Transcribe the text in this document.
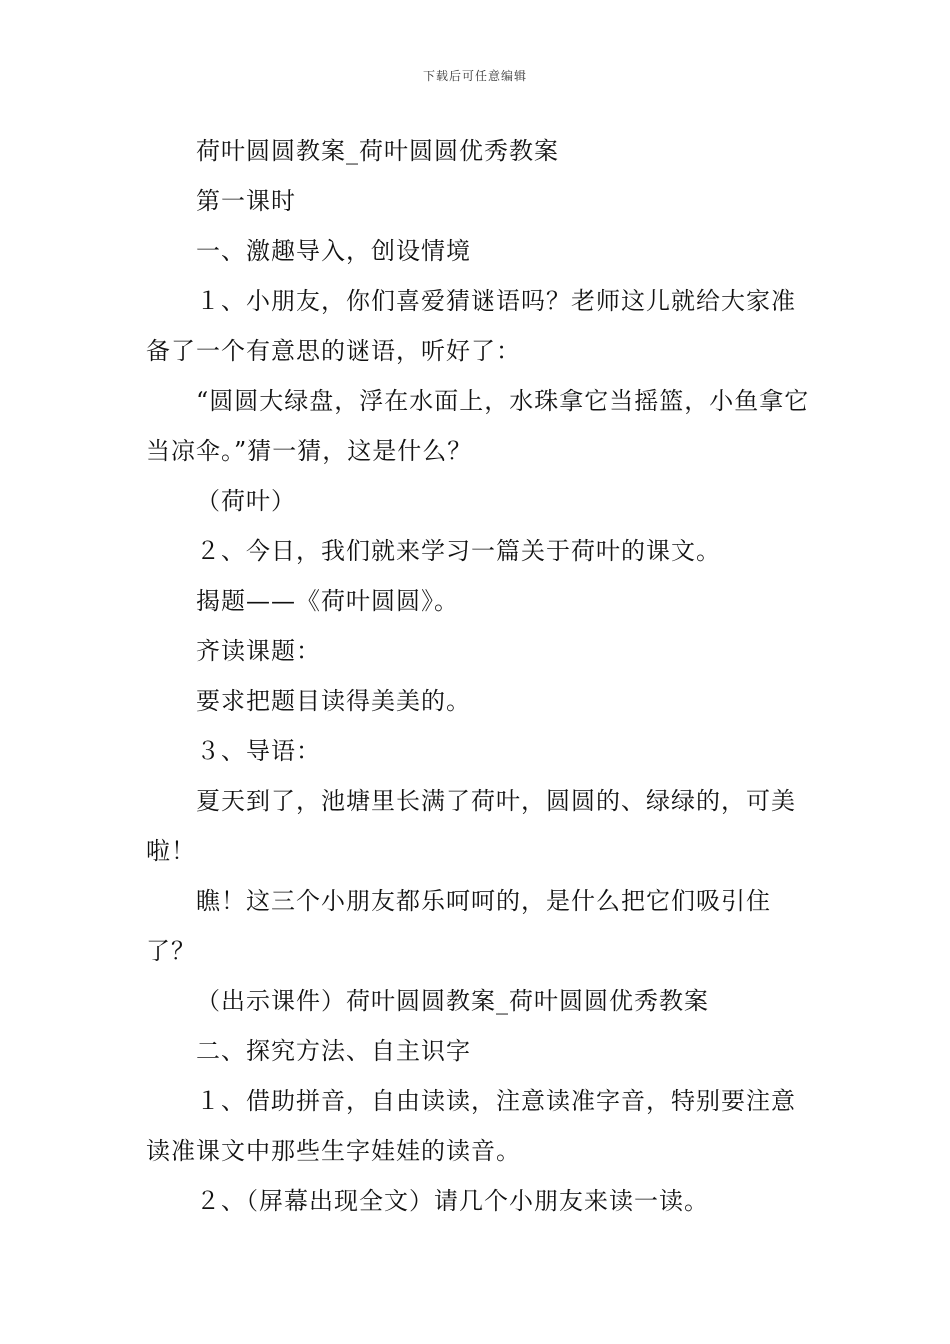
下载后可任意编辑

荷叶圆圆教案_荷叶圆圆优秀教案

第一课时

一、激趣导入，创设情境

１、小朋友，你们喜爱猜谜语吗？老师这儿就给大家准备了一个有意思的谜语，听好了：

“圆圆大绿盘，浮在水面上，水珠拿它当摇篮，小鱼拿它当凉伞。”猜一猜，这是什么？

（荷叶）

２、今日，我们就来学习一篇关于荷叶的课文。

揭题——《荷叶圆圆》。

齐读课题：

要求把题目读得美美的。

３、导语：

夏天到了，池塘里长满了荷叶，圆圆的、绿绿的，可美啦！

瞧！这三个小朋友都乐呵呵的，是什么把它们吸引住了？

（出示课件）荷叶圆圆教案_荷叶圆圆优秀教案

二、探究方法、自主识字

１、借助拼音，自由读读，注意读准字音，特别要注意读准课文中那些生字娃娃的读音。

２、（屏幕出现全文）请几个小朋友来读一读。
